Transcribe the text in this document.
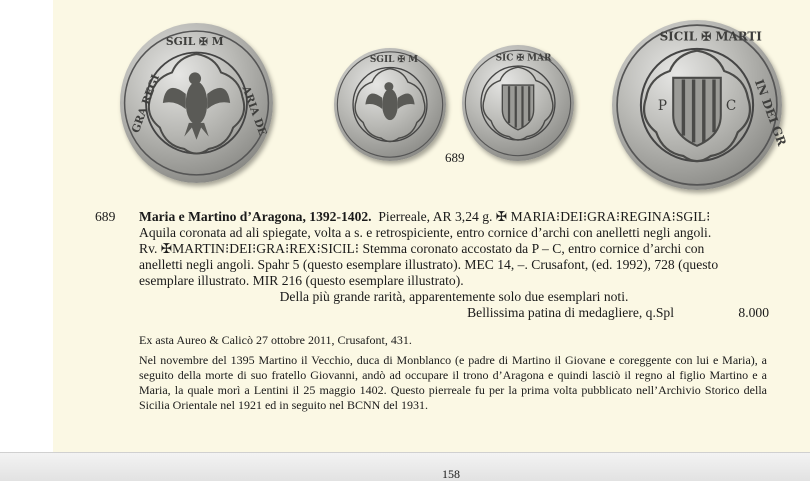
SGIL ✠ M
ARIA DE
GRA REGI
SGIL ✠ M	SIC ✠ MAR
P	C
SICIL ✠ MARTI
IN DEI GR
689
689 Maria e Martino d’Aragona, 1392-1402. Pierreale, AR 3,24 g. ✠ MARIA⁝DEI⁝GRA⁝REGINA⁝SGIL⁝

Aquila coronata ad ali spiegate, volta a s. e retrospiciente, entro cornice d’archi con anelletti negli angoli.

Rv. ✠MARTIN⁝DEI⁝GRA⁝REX⁝SICIL⁝ Stemma coronato accostato da P – C, entro cornice d’archi con

anelletti negli angoli. Spahr 5 (questo esemplare illustrato). MEC 14, –. Crusafont, (ed. 1992), 728 (questo

esemplare illustrato. MIR 216 (questo esemplare illustrato).

Della più grande rarità, apparentemente solo due esemplari noti.

Bellissima patina di medagliere, q.Spl	8.000
Ex asta Aureo & Calicò 27 ottobre 2011, Crusafont, 431.
Nel novembre del 1395 Martino il Vecchio, duca di Monblanco (e padre di Martino il Giovane e coreggente con lui e Maria), a seguito della morte di suo fratello Giovanni, andò ad occupare il trono d’Aragona e quindi lasciò il regno al figlio Martino e a Maria, la quale morì a Lentini il 25 maggio 1402. Questo pierreale fu per la prima volta pubblicato nell’Archivio Storico della Sicilia Orientale nel 1921 ed in seguito nel BCNN del 1931.
158
